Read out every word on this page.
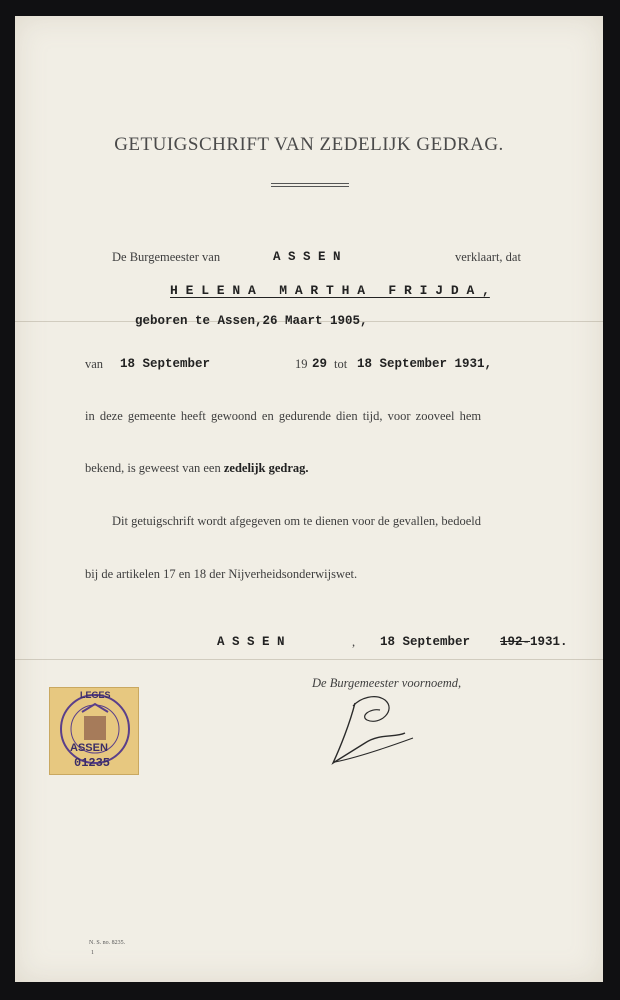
GETUIGSCHRIFT VAN ZEDELIJK GEDRAG.
De Burgemeester van	A S S E N	verklaart, dat
H E L E N A   M A R T H A   F R I J D A ,
geboren te Assen,26 Maart 1905,
van 18 September	19 29 tot 18 September 1931,
in deze gemeente heeft gewoond en gedurende dien tijd, voor zooveel hem
bekend, is geweest van een zedelijk gedrag.
Dit getuigschrift wordt afgegeven om te dienen voor de gevallen, bedoeld
bij de artikelen 17 en 18 der Nijverheidsonderwijswet.
A S S E N	, 18 September 192- 1931.
De Burgemeester voornoemd,
LEGES
ASSEN
01235
N. S. no. 8235.
1
